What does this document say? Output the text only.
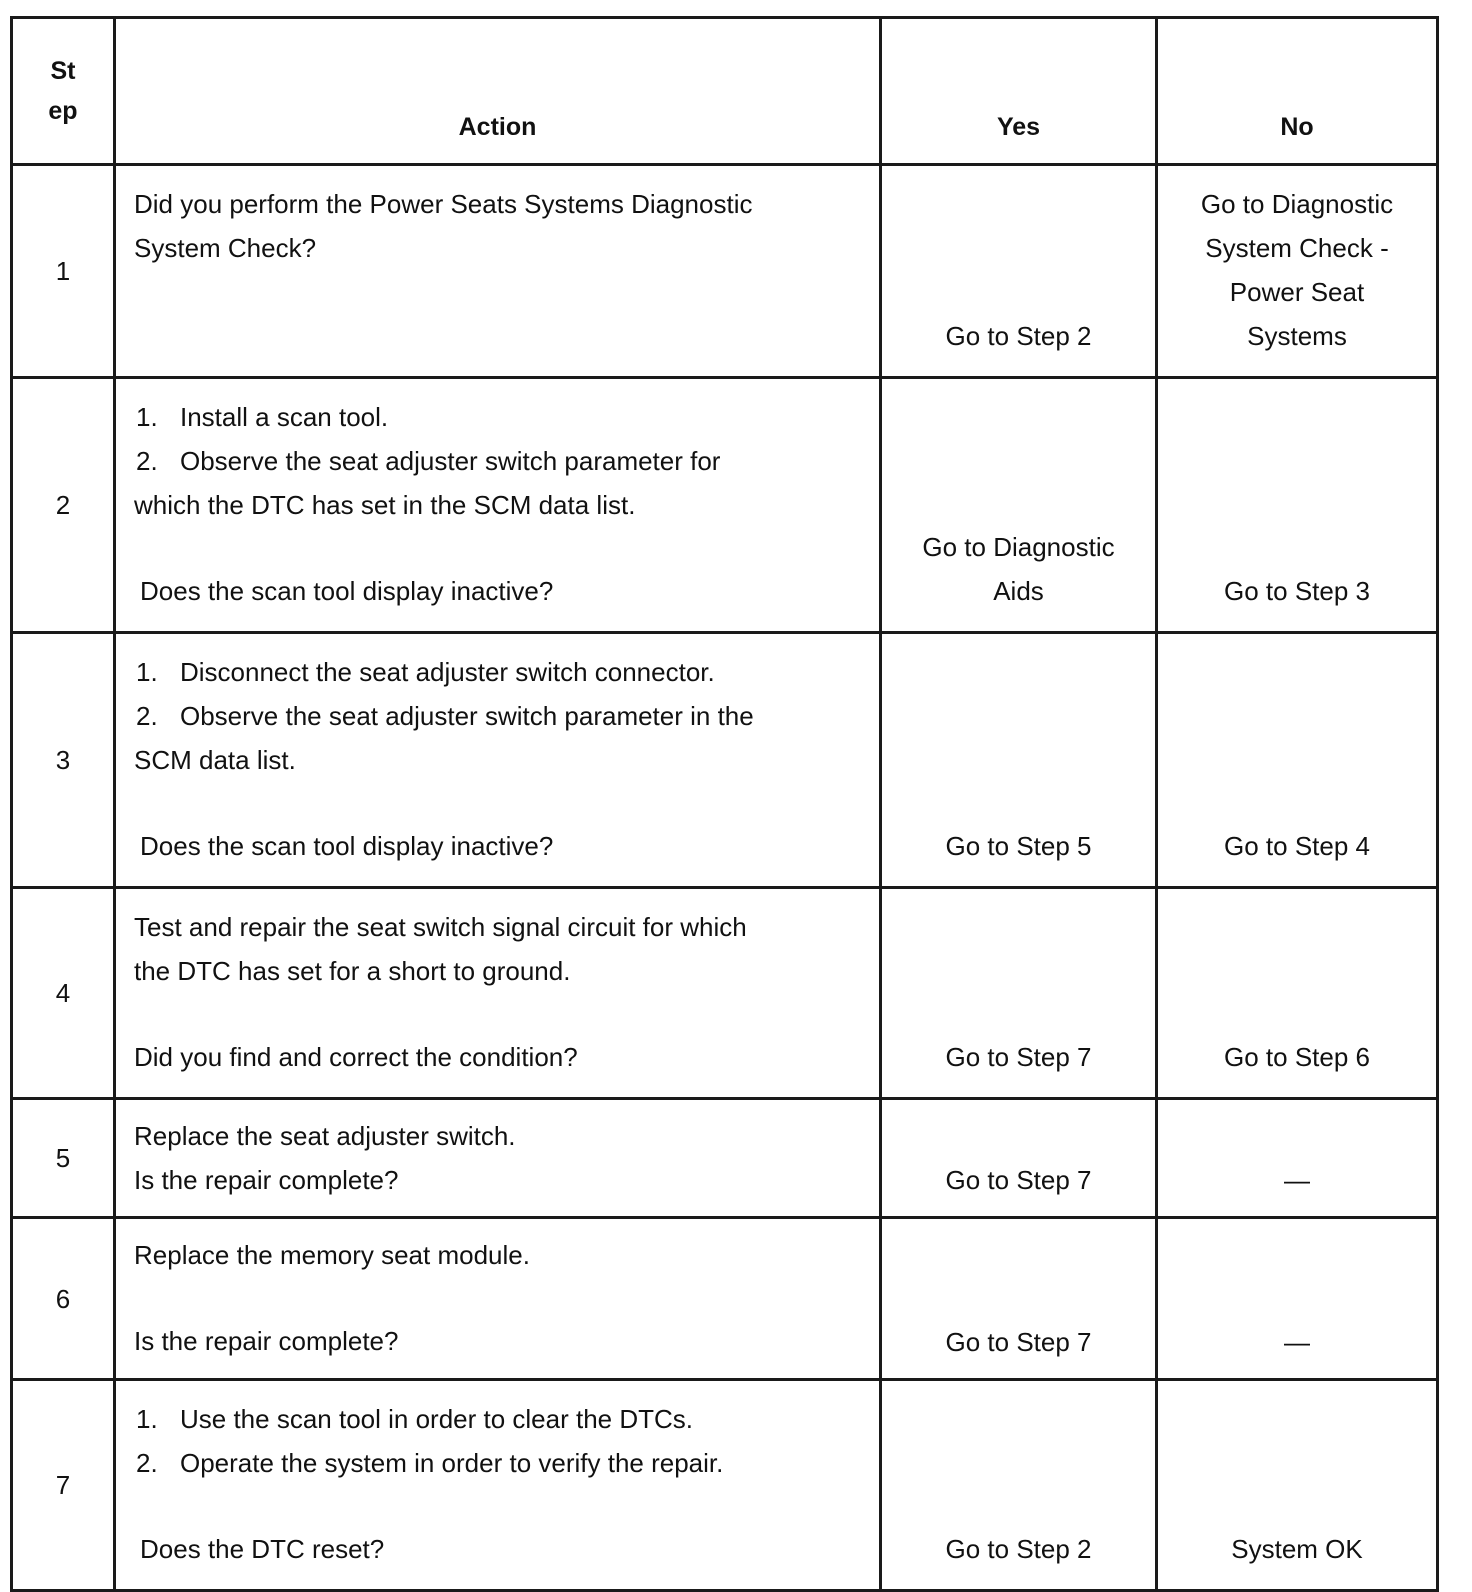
St
ep	Action	Yes	No
1	Did you perform the Power Seats Systems Diagnostic
System Check?	Go to Step 2	Go to Diagnostic System Check - Power Seat Systems
2	1. Install a scan tool.
2. Observe the seat adjuster switch parameter for
which the DTC has set in the SCM data list.
Does the scan tool display inactive?	Go to Diagnostic Aids	Go to Step 3
3	1. Disconnect the seat adjuster switch connector.
2. Observe the seat adjuster switch parameter in the
SCM data list.
Does the scan tool display inactive?	Go to Step 5	Go to Step 4
4	Test and repair the seat switch signal circuit for which
the DTC has set for a short to ground.
Did you find and correct the condition?	Go to Step 7	Go to Step 6
5	Replace the seat adjuster switch.
Is the repair complete?	Go to Step 7	—
6	Replace the memory seat module.
Is the repair complete?	Go to Step 7	—
7	1. Use the scan tool in order to clear the DTCs.
2. Operate the system in order to verify the repair.
Does the DTC reset?	Go to Step 2	System OK
